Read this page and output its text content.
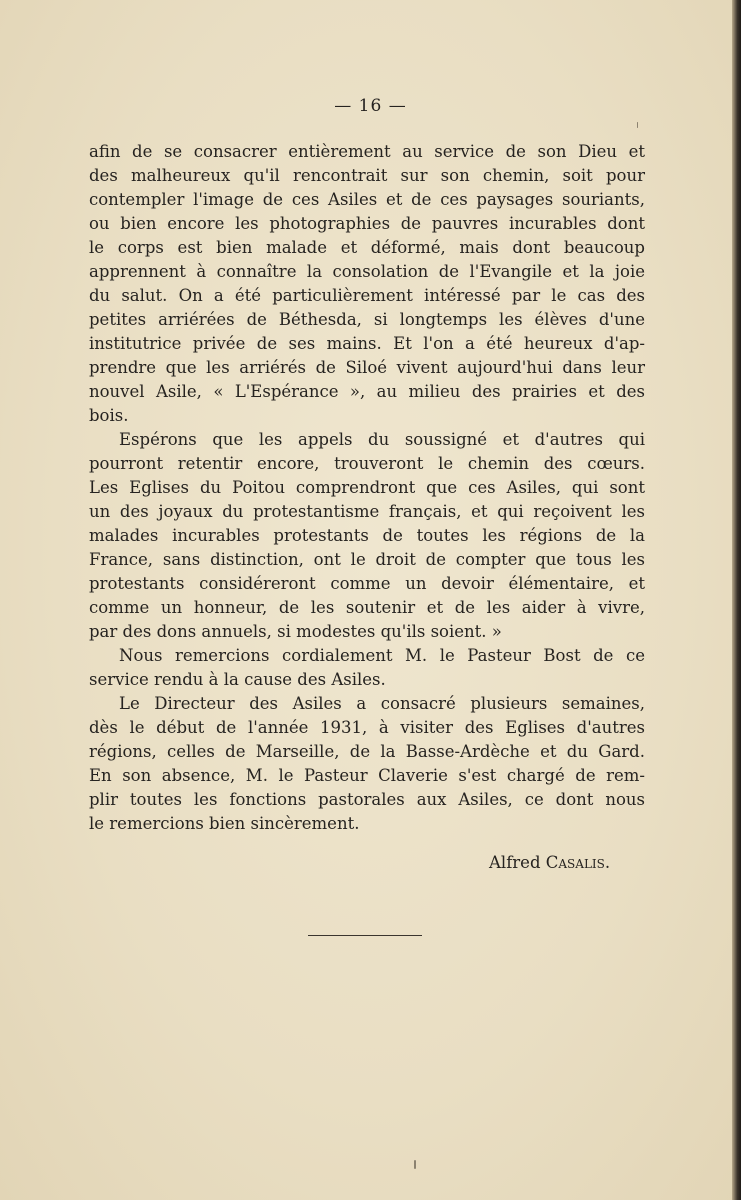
— 16 —
afin de se consacrer entièrement au service de son Dieu et
des malheureux qu'il rencontrait sur son chemin, soit pour
contempler l'image de ces Asiles et de ces paysages souriants,
ou bien encore les photographies de pauvres incurables dont
le corps est bien malade et déformé, mais dont beaucoup
apprennent à connaître la consolation de l'Evangile et la joie
du salut. On a été particulièrement intéressé par le cas des
petites arriérées de Béthesda, si longtemps les élèves d'une
institutrice privée de ses mains. Et l'on a été heureux d'ap-
prendre que les arriérés de Siloé vivent aujourd'hui dans leur
nouvel Asile, « L'Espérance », au milieu des prairies et des
bois.
Espérons que les appels du soussigné et d'autres qui
pourront retentir encore, trouveront le chemin des cœurs.
Les Eglises du Poitou comprendront que ces Asiles, qui sont
un des joyaux du protestantisme français, et qui reçoivent les
malades incurables protestants de toutes les régions de la
France, sans distinction, ont le droit de compter que tous les
protestants considéreront comme un devoir élémentaire, et
comme un honneur, de les soutenir et de les aider à vivre,
par des dons annuels, si modestes qu'ils soient. »
Nous remercions cordialement M. le Pasteur Bost de ce
service rendu à la cause des Asiles.
Le Directeur des Asiles a consacré plusieurs semaines,
dès le début de l'année 1931, à visiter des Eglises d'autres
régions, celles de Marseille, de la Basse-Ardèche et du Gard.
En son absence, M. le Pasteur Claverie s'est chargé de rem-
plir toutes les fonctions pastorales aux Asiles, ce dont nous
le remercions bien sincèrement.
Alfred Casalis.
